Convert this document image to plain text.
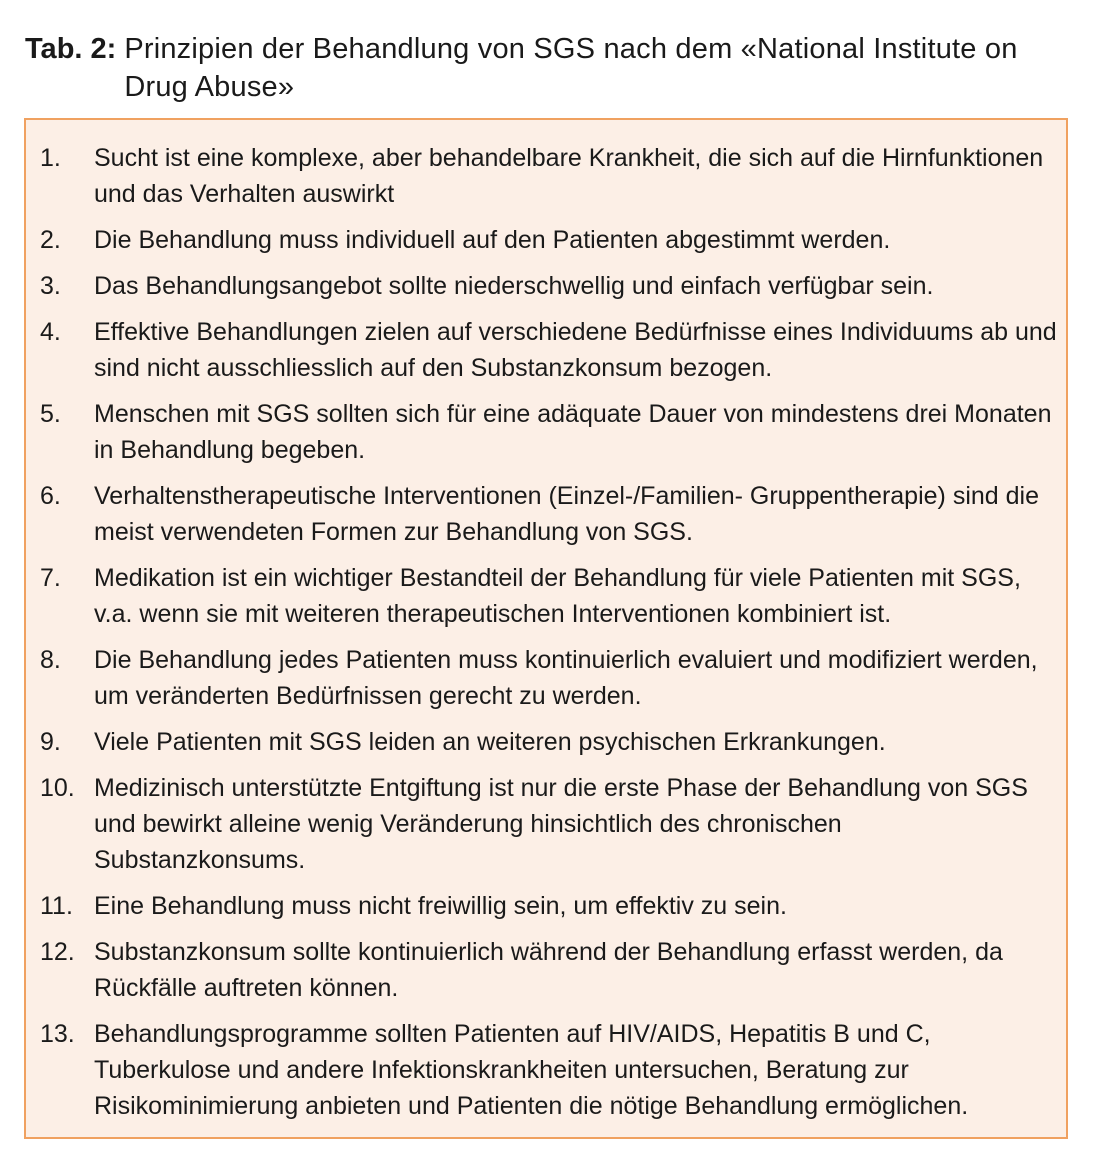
Tab. 2: Prinzipien der Behandlung von SGS nach dem «National Institute on Drug Abuse»
1.	Sucht ist eine komplexe, aber behandelbare Krankheit, die sich auf die Hirnfunktionen und das Verhalten auswirkt
2.	Die Behandlung muss individuell auf den Patienten abgestimmt werden.
3.	Das Behandlungsangebot sollte niederschwellig und einfach verfügbar sein.
4.	Effektive Behandlungen zielen auf verschiedene Bedürfnisse eines Individuums ab und sind nicht ausschliesslich auf den Substanzkonsum bezogen.
5.	Menschen mit SGS sollten sich für eine adäquate Dauer von mindestens drei Monaten in Behandlung begeben.
6.	Verhaltenstherapeutische Interventionen (Einzel-/Familien- Gruppentherapie) sind die meist verwendeten Formen zur Behandlung von SGS.
7.	Medikation ist ein wichtiger Bestandteil der Behandlung für viele Patienten mit SGS, v.a. wenn sie mit weiteren therapeutischen Interventionen kombiniert ist.
8.	Die Behandlung jedes Patienten muss kontinuierlich evaluiert und modifiziert werden, um veränderten Bedürfnissen gerecht zu werden.
9.	Viele Patienten mit SGS leiden an weiteren psychischen Erkrankungen.
10. Medizinisch unterstützte Entgiftung ist nur die erste Phase der Behandlung von SGS und bewirkt alleine wenig Veränderung hinsichtlich des chronischen Substanzkonsums.
11. Eine Behandlung muss nicht freiwillig sein, um effektiv zu sein.
12. Substanzkonsum sollte kontinuierlich während der Behandlung erfasst werden, da Rückfälle auftreten können.
13. Behandlungsprogramme sollten Patienten auf HIV/AIDS, Hepatitis B und C, Tuberkulose und andere Infektionskrankheiten untersuchen, Beratung zur Risikominimierung anbieten und Patienten die nötige Behandlung ermöglichen.
